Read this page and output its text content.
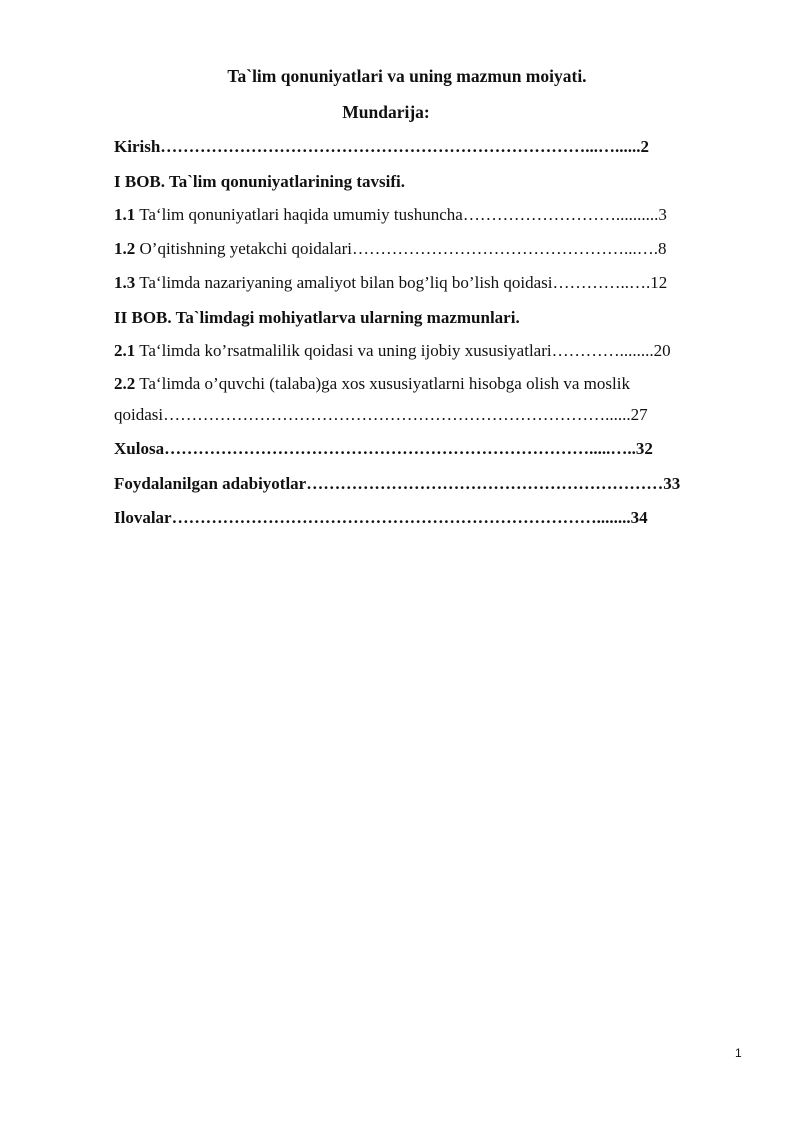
Ta`lim qonuniyatlari va uning mazmun moiyati.
Mundarija:
Kirish…………………………………………………………………...…......2
I BOB. Ta`lim qonuniyatlarining tavsifi.
1.1 Ta‘lim qonuniyatlari haqida umumiy tushuncha………………………..........3
1.2 O’qitishning yetakchi qoidalari…………………………………………...….8
1.3 Ta‘limda nazariyaning amaliyot bilan bog’liq bo’lish qoidasi…………..….12
II BOB. Ta`limdagi mohiyatlarva ularning mazmunlari.
2.1 Ta‘limda ko’rsatmalilik qoidasi va uning ijobiy xususiyatlari…………........20
2.2 Ta‘limda o’quvchi (talaba)ga xos xususiyatlarni hisobga olish va moslik
qoidasi……………………………………………………………………......27
Xulosa………………………………………………………………….....…..32
Foydalanilgan adabiyotlar………………………………………………………33
Ilovalar…………………………………………………………………........34
1
